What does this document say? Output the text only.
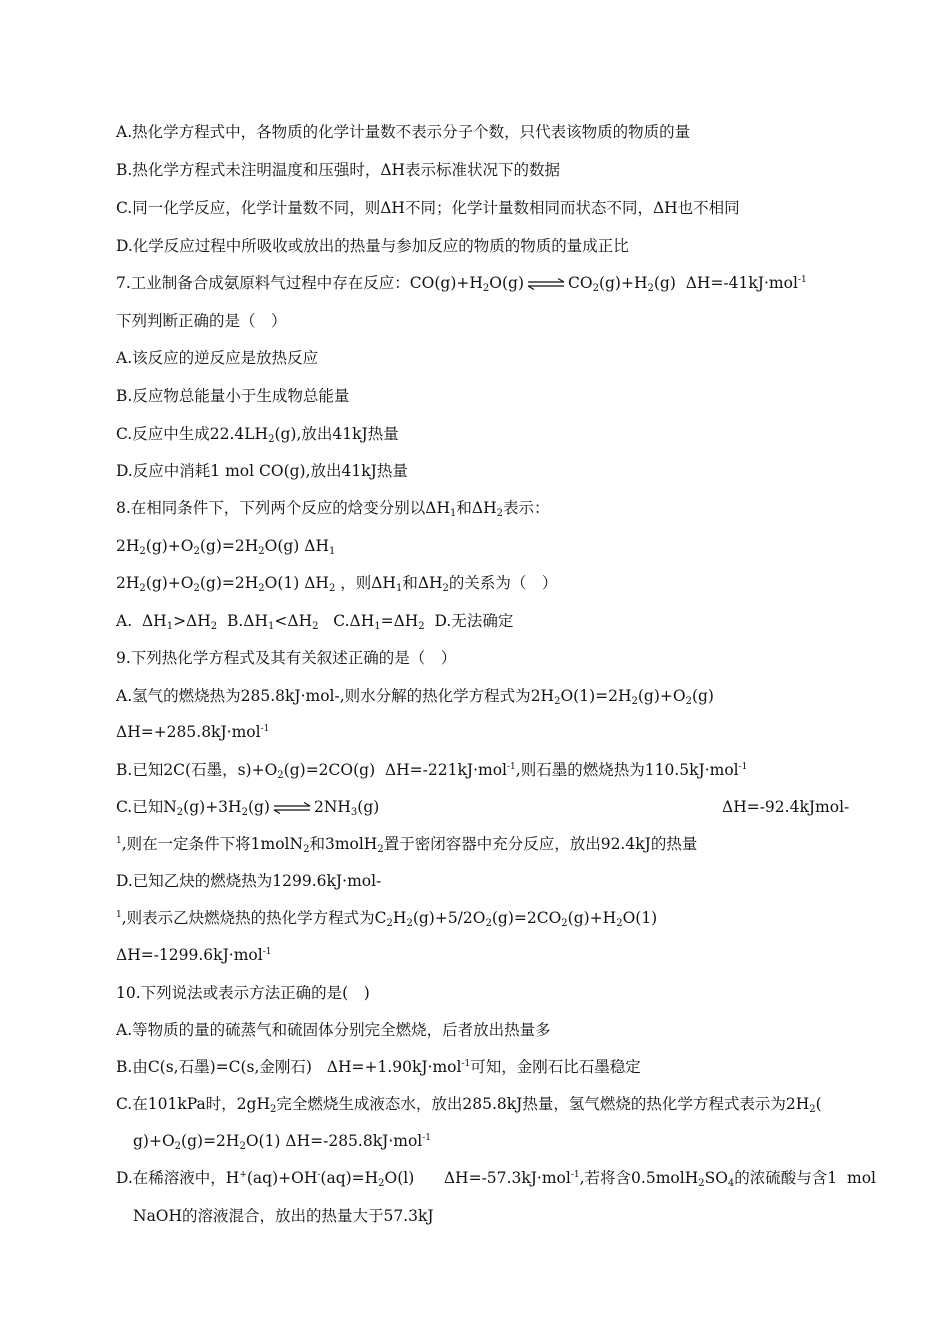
A.热化学方程式中，各物质的化学计量数不表示分子个数，只代表该物质的物质的量
B.热化学方程式未注明温度和压强时，ΔH表示标准状况下的数据
C.同一化学反应，化学计量数不同，则ΔH不同；化学计量数相同而状态不同，ΔH也不相同
D.化学反应过程中所吸收或放出的热量与参加反应的物质的物质的量成正比
7.工业制备合成氨原料气过程中存在反应：$CO(g)+H_2O(g)$ ⇌ $CO_2(g)+H_2(g)$  ΔH=-41kJ·mol$^{-1}$
下列判断正确的是（　）
A.该反应的逆反应是放热反应
B.反应物总能量小于生成物总能量
C.反应中生成$22.4LH_2(g)$,放出41kJ热量
D.反应中消耗1 mol CO(g),放出41kJ热量
8.在相同条件下，下列两个反应的焓变分别以$\Delta H_1$和$\Delta H_2$表示：
$2H_2(g)+O_2(g)=2H_2O(g)$ $\Delta H_1$
$2H_2(g)+O_2(g)=2H_2O(1)$ $\Delta H_2$ ，则$\Delta H_1$和$\Delta H_2$的关系为（　）
A.  $\Delta H_1>\Delta H_2$  $B.\Delta H_1<\Delta H_2$   $C.\Delta H_1=\Delta H_2$ D.无法确定
9.下列热化学方程式及其有关叙述正确的是（　）
A.氢气的燃烧热为285.8kJ·mol-,则水分解的热化学方程式为$2H_2O(1)=2H_2(g)+O_2(g)$
ΔH=+285.8kJ·mol$^{-1}$
B.已知2C(石墨，$s)+O_2(g)=2CO(g)$  ΔH=-221kJ·mol$^{-1}$,则石墨的燃烧热为110.5kJ·mol$^{-1}$
C.已知$N_2(g)+3H_2(g)$ ⇌ $2NH_3(g)$	ΔH=-92.4kJmol-
$^1$,则在一定条件下将1molN$_2$和3molH$_2$置于密闭容器中充分反应，放出92.4kJ的热量
D.已知乙炔的燃烧热为1299.6kJ·mol-
$^1$,则表示乙炔燃烧热的热化学方程式为$C_2H_2(g)+5/2O_2(g)=2CO_2(g)+H_2O(1)$
ΔH=-1299.6kJ·mol$^{-1}$
10.下列说法或表示方法正确的是(　)
A.等物质的量的硫蒸气和硫固体分别完全燃烧，后者放出热量多
B.由C(s,石墨)=C(s,金刚石)   ΔH=+1.90kJ·mol$^{-1}$可知，金刚石比石墨稳定
C.在101kPa时，$2gH_2$完全燃烧生成液态水，放出285.8kJ热量，氢气燃烧的热化学方程式表示为$2H_2$(
$g)+O_2(g)=2H_2O(1)$ ΔH=-285.8kJ·mol$^{-1}$
D.在稀溶液中，$H^+(aq)+OH^-(aq)=H_2O(l)$      ΔH=-57.3kJ·mol$^{-1}$,若将含$0.5molH_2SO_4$的浓硫酸与含1  mol
NaOH的溶液混合，放出的热量大于57.3kJ
